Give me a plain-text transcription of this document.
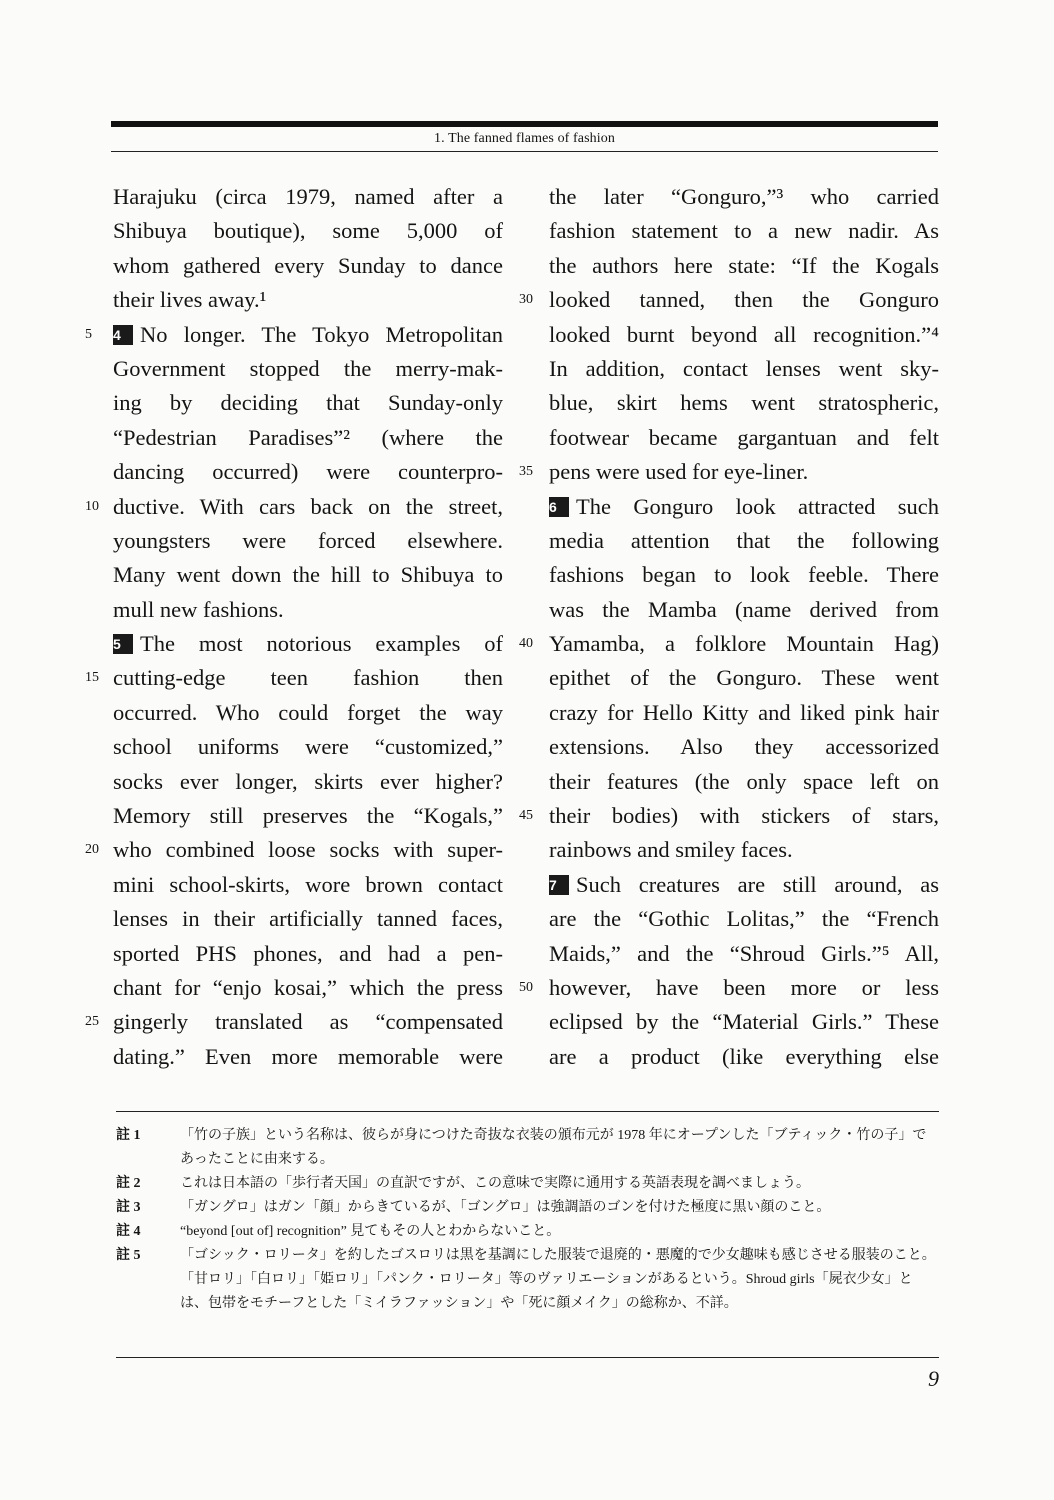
1. The fanned flames of fashion
Harajuku (circa 1979, named after a
Shibuya boutique), some 5,000 of
whom gathered every Sunday to dance
their lives away.¹
5	4 No longer. The Tokyo Metropolitan
Government stopped the merry-mak-
ing by deciding that Sunday-only
“Pedestrian Paradises”² (where the
dancing occurred) were counterpro-
10 ductive. With cars back on the street,
youngsters were forced elsewhere.
Many went down the hill to Shibuya to
mull new fashions.
5 The most notorious examples of
15 cutting-edge teen fashion then
occurred. Who could forget the way
school uniforms were “customized,”
socks ever longer, skirts ever higher?
Memory still preserves the “Kogals,”
20 who combined loose socks with super-
mini school-skirts, wore brown contact
lenses in their artificially tanned faces,
sported PHS phones, and had a pen-
chant for “enjo kosai,” which the press
25 gingerly translated as “compensated
dating.” Even more memorable were
the later “Gonguro,”³ who carried
fashion statement to a new nadir. As
the authors here state: “If the Kogals
30 looked tanned, then the Gonguro
looked burnt beyond all recognition.”⁴
In addition, contact lenses went sky-
blue, skirt hems went stratospheric,
footwear became gargantuan and felt
35 pens were used for eye-liner.
6 The Gonguro look attracted such
media attention that the following
fashions began to look feeble. There
was the Mamba (name derived from
40 Yamamba, a folklore Mountain Hag)
epithet of the Gonguro. These went
crazy for Hello Kitty and liked pink hair
extensions. Also they accessorized
their features (the only space left on
45 their bodies) with stickers of stars,
rainbows and smiley faces.
7 Such creatures are still around, as
are the “Gothic Lolitas,” the “French
Maids,” and the “Shroud Girls.”⁵ All,
50 however, have been more or less
eclipsed by the “Material Girls.” These
are a product (like everything else
註 1	「竹の子族」という名称は、彼らが身につけた奇抜な衣装の頒布元が 1978 年にオープンした「ブティック・竹の子」であったことに由来する。
註 2	これは日本語の「歩行者天国」の直訳ですが、この意味で実際に通用する英語表現を調べましょう。
註 3	「ガングロ」はガン「顔」からきているが、「ゴングロ」は強調語のゴンを付けた極度に黒い顔のこと。
註 4	“beyond [out of] recognition” 見てもその人とわからないこと。
註 5	「ゴシック・ロリータ」を約したゴスロリは黒を基調にした服装で退廃的・悪魔的で少女趣味も感じさせる服装のこと。「甘ロリ」「白ロリ」「姫ロリ」「パンク・ロリータ」等のヴァリエーションがあるという。Shroud girls「屍衣少女」とは、包帯をモチーフとした「ミイラファッション」や「死に顔メイク」の総称か、不詳。
9
